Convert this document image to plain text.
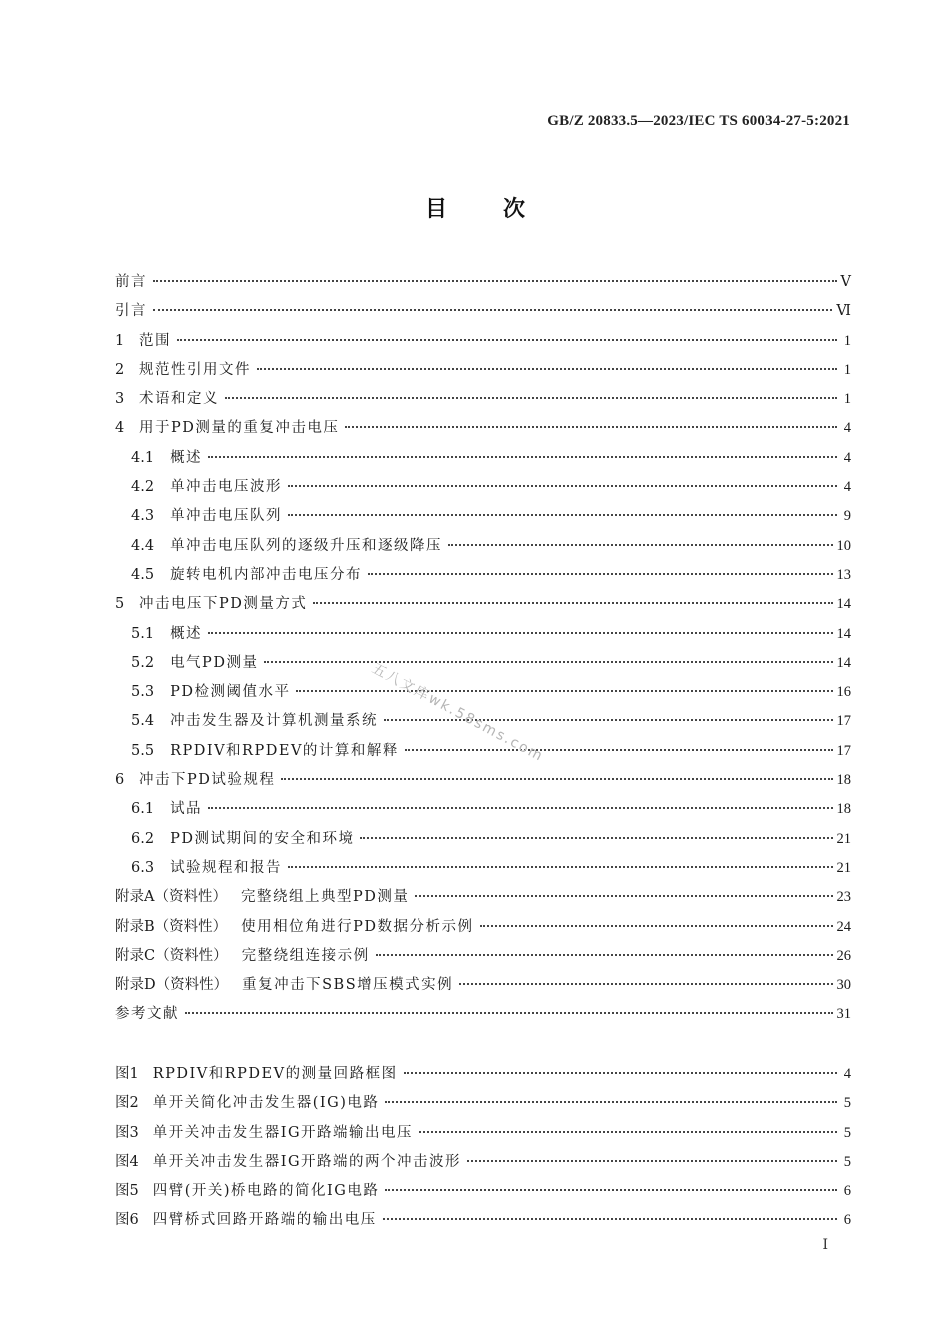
GB/Z 20833.5—2023/IEC TS 60034-27-5:2021
目次
前言	Ⅴ
引言	Ⅵ
1 范围	1
2 规范性引用文件	1
3 术语和定义	1
4 用于PD测量的重复冲击电压	4
4.1 概述	4
4.2 单冲击电压波形	4
4.3 单冲击电压队列	9
4.4 单冲击电压队列的逐级升压和逐级降压	10
4.5 旋转电机内部冲击电压分布	13
5 冲击电压下PD测量方式	14
5.1 概述	14
5.2 电气PD测量	14
5.3 PD检测阈值水平	16
5.4 冲击发生器及计算机测量系统	17
5.5 RPDIV和RPDEV的计算和解释	17
6 冲击下PD试验规程	18
6.1 试品	18
6.2 PD测试期间的安全和环境	21
6.3 试验规程和报告	21
附录A（资料性） 完整绕组上典型PD测量	23
附录B（资料性） 使用相位角进行PD数据分析示例	24
附录C（资料性） 完整绕组连接示例	26
附录D（资料性） 重复冲击下SBS增压模式实例	30
参考文献	31
图1 RPDIV和RPDEV的测量回路框图	4
图2 单开关简化冲击发生器(IG)电路	5
图3 单开关冲击发生器IG开路端输出电压	5
图4 单开关冲击发生器IG开路端的两个冲击波形	5
图5 四臂(开关)桥电路的简化IG电路	6
图6 四臂桥式回路开路端的输出电压	6
五八文库wk.58sms.com
Ⅰ
